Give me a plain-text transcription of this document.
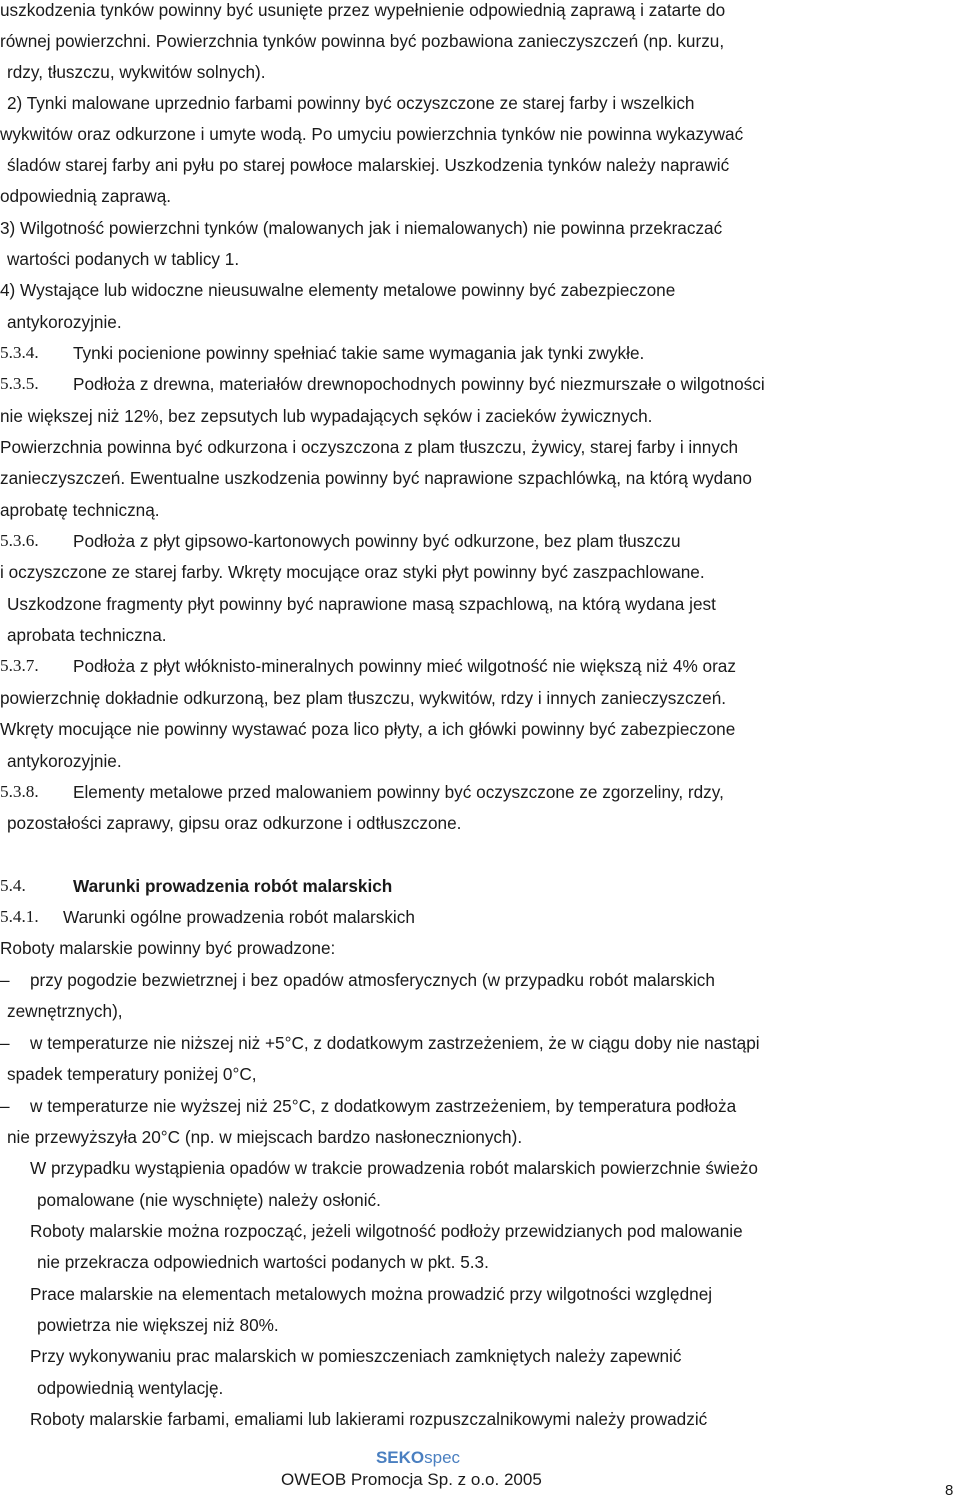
uszkodzenia tynków powinny być usunięte przez wypełnienie odpowiednią zaprawą i zatarte do
równej powierzchni. Powierzchnia tynków powinna być pozbawiona zanieczyszczeń (np. kurzu,
rdzy, tłuszczu, wykwitów solnych).
2) Tynki malowane uprzednio farbami powinny być oczyszczone ze starej farby i wszelkich
wykwitów oraz odkurzone i umyte wodą. Po umyciu powierzchnia tynków nie powinna wykazywać
śladów starej farby ani pyłu po starej powłoce malarskiej. Uszkodzenia tynków należy naprawić
odpowiednią zaprawą.
3) Wilgotność powierzchni tynków (malowanych jak i niemalowanych) nie powinna przekraczać
wartości podanych w tablicy 1.
4) Wystające lub widoczne nieusuwalne elementy metalowe powinny być zabezpieczone
antykorozyjnie.
5.3.4. Tynki pocienione powinny spełniać takie same wymagania jak tynki zwykłe.
5.3.5. Podłoża z drewna, materiałów drewnopochodnych powinny być niezmurszałe o wilgotności
nie większej niż 12%, bez zepsutych lub wypadających sęków i zacieków żywicznych.
Powierzchnia powinna być odkurzona i oczyszczona z plam tłuszczu, żywicy, starej farby i innych
zanieczyszczeń. Ewentualne uszkodzenia powinny być naprawione szpachlówką, na którą wydano
aprobatę techniczną.
5.3.6. Podłoża z płyt gipsowo-kartonowych powinny być odkurzone, bez plam tłuszczu
i oczyszczone ze starej farby. Wkręty mocujące oraz styki płyt powinny być zaszpachlowane.
Uszkodzone fragmenty płyt powinny być naprawione masą szpachlową, na którą wydana jest
aprobata techniczna.
5.3.7. Podłoża z płyt włóknisto-mineralnych powinny mieć wilgotność nie większą niż 4% oraz
powierzchnię dokładnie odkurzoną, bez plam tłuszczu, wykwitów, rdzy i innych zanieczyszczeń.
Wkręty mocujące nie powinny wystawać poza lico płyty, a ich główki powinny być zabezpieczone
antykorozyjnie.
5.3.8. Elementy metalowe przed malowaniem powinny być oczyszczone ze zgorzeliny, rdzy,
pozostałości zaprawy, gipsu oraz odkurzone i odtłuszczone.
5.4.	Warunki prowadzenia robót malarskich
5.4.1. Warunki ogólne prowadzenia robót malarskich
Roboty malarskie powinny być prowadzone:
– przy pogodzie bezwietrznej i bez opadów atmosferycznych (w przypadku robót malarskich
zewnętrznych),
– w temperaturze nie niższej niż +5°C, z dodatkowym zastrzeżeniem, że w ciągu doby nie nastąpi
spadek temperatury poniżej 0°C,
– w temperaturze nie wyższej niż 25°C, z dodatkowym zastrzeżeniem, by temperatura podłoża
nie przewyższyła 20°C (np. w miejscach bardzo nasłonecznionych).
W przypadku wystąpienia opadów w trakcie prowadzenia robót malarskich powierzchnie świeżo
pomalowane (nie wyschnięte) należy osłonić.
Roboty malarskie można rozpocząć, jeżeli wilgotność podłoży przewidzianych pod malowanie
nie przekracza odpowiednich wartości podanych w pkt. 5.3.
Prace malarskie na elementach metalowych można prowadzić przy wilgotności względnej
powietrza nie większej niż 80%.
Przy wykonywaniu prac malarskich w pomieszczeniach zamkniętych należy zapewnić
odpowiednią wentylację.
Roboty malarskie farbami, emaliami lub lakierami rozpuszczalnikowymi należy prowadzić
SEKOspec
OWEOB Promocja Sp. z o.o. 2005
8
